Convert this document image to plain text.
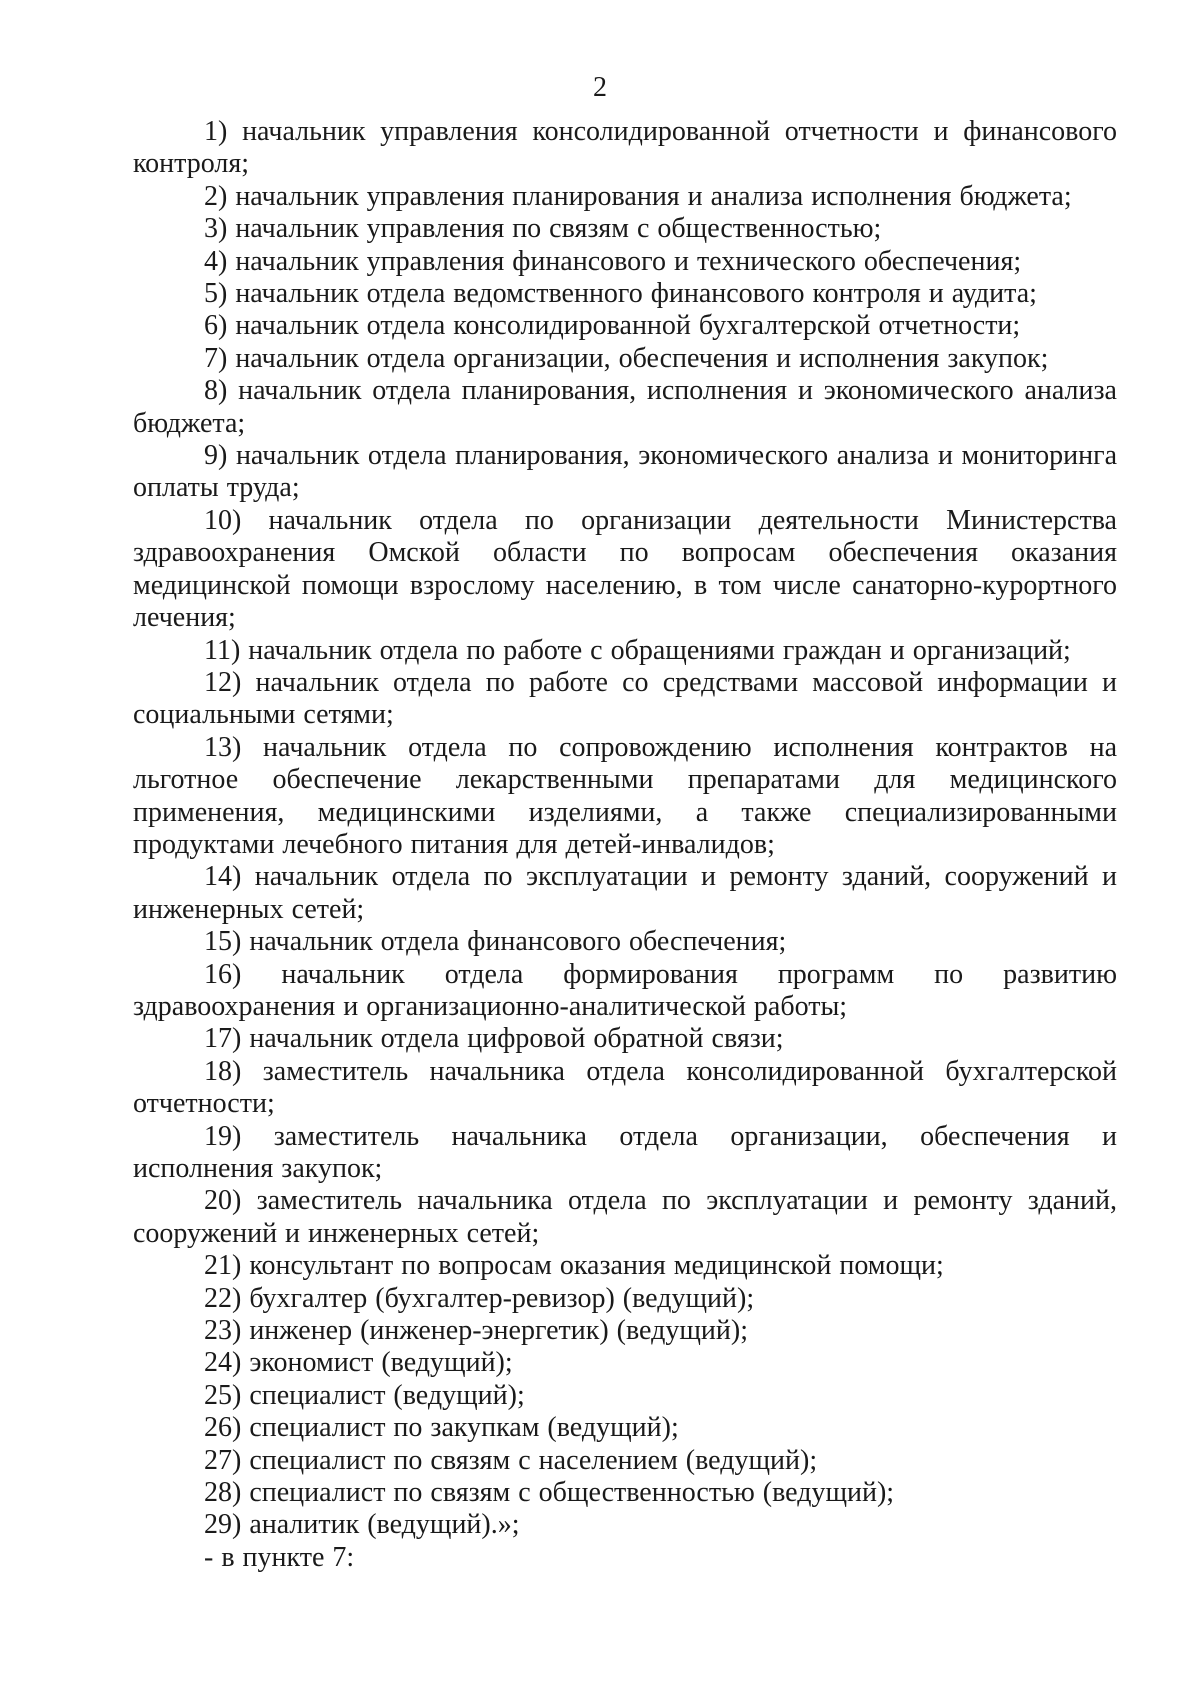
2

1) начальник управления консолидированной отчетности и финансового контроля;

2) начальник управления планирования и анализа исполнения бюджета;

3) начальник управления по связям с общественностью;

4) начальник управления финансового и технического обеспечения;

5) начальник отдела ведомственного финансового контроля и аудита;

6) начальник отдела консолидированной бухгалтерской отчетности;

7) начальник отдела организации, обеспечения и исполнения закупок;

8) начальник отдела планирования, исполнения и экономического анализа бюджета;

9) начальник отдела планирования, экономического анализа и мониторинга оплаты труда;

10) начальник отдела по организации деятельности Министерства здравоохранения Омской области по вопросам обеспечения оказания медицинской помощи взрослому населению, в том числе санаторно-курортного лечения;

11) начальник отдела по работе с обращениями граждан и организаций;

12) начальник отдела по работе со средствами массовой информации и социальными сетями;

13) начальник отдела по сопровождению исполнения контрактов на льготное обеспечение лекарственными препаратами для медицинского применения, медицинскими изделиями, а также специализированными продуктами лечебного питания для детей-инвалидов;

14) начальник отдела по эксплуатации и ремонту зданий, сооружений и инженерных сетей;

15) начальник отдела финансового обеспечения;

16) начальник отдела формирования программ по развитию здравоохранения и организационно-аналитической работы;

17) начальник отдела цифровой обратной связи;

18) заместитель начальника отдела консолидированной бухгалтерской отчетности;

19) заместитель начальника отдела организации, обеспечения и исполнения закупок;

20) заместитель начальника отдела по эксплуатации и ремонту зданий, сооружений и инженерных сетей;

21) консультант по вопросам оказания медицинской помощи;

22) бухгалтер (бухгалтер-ревизор) (ведущий);

23) инженер (инженер-энергетик) (ведущий);

24) экономист (ведущий);

25) специалист (ведущий);

26) специалист по закупкам (ведущий);

27) специалист по связям с населением (ведущий);

28) специалист по связям с общественностью (ведущий);

29) аналитик (ведущий).»;

- в пункте 7:
